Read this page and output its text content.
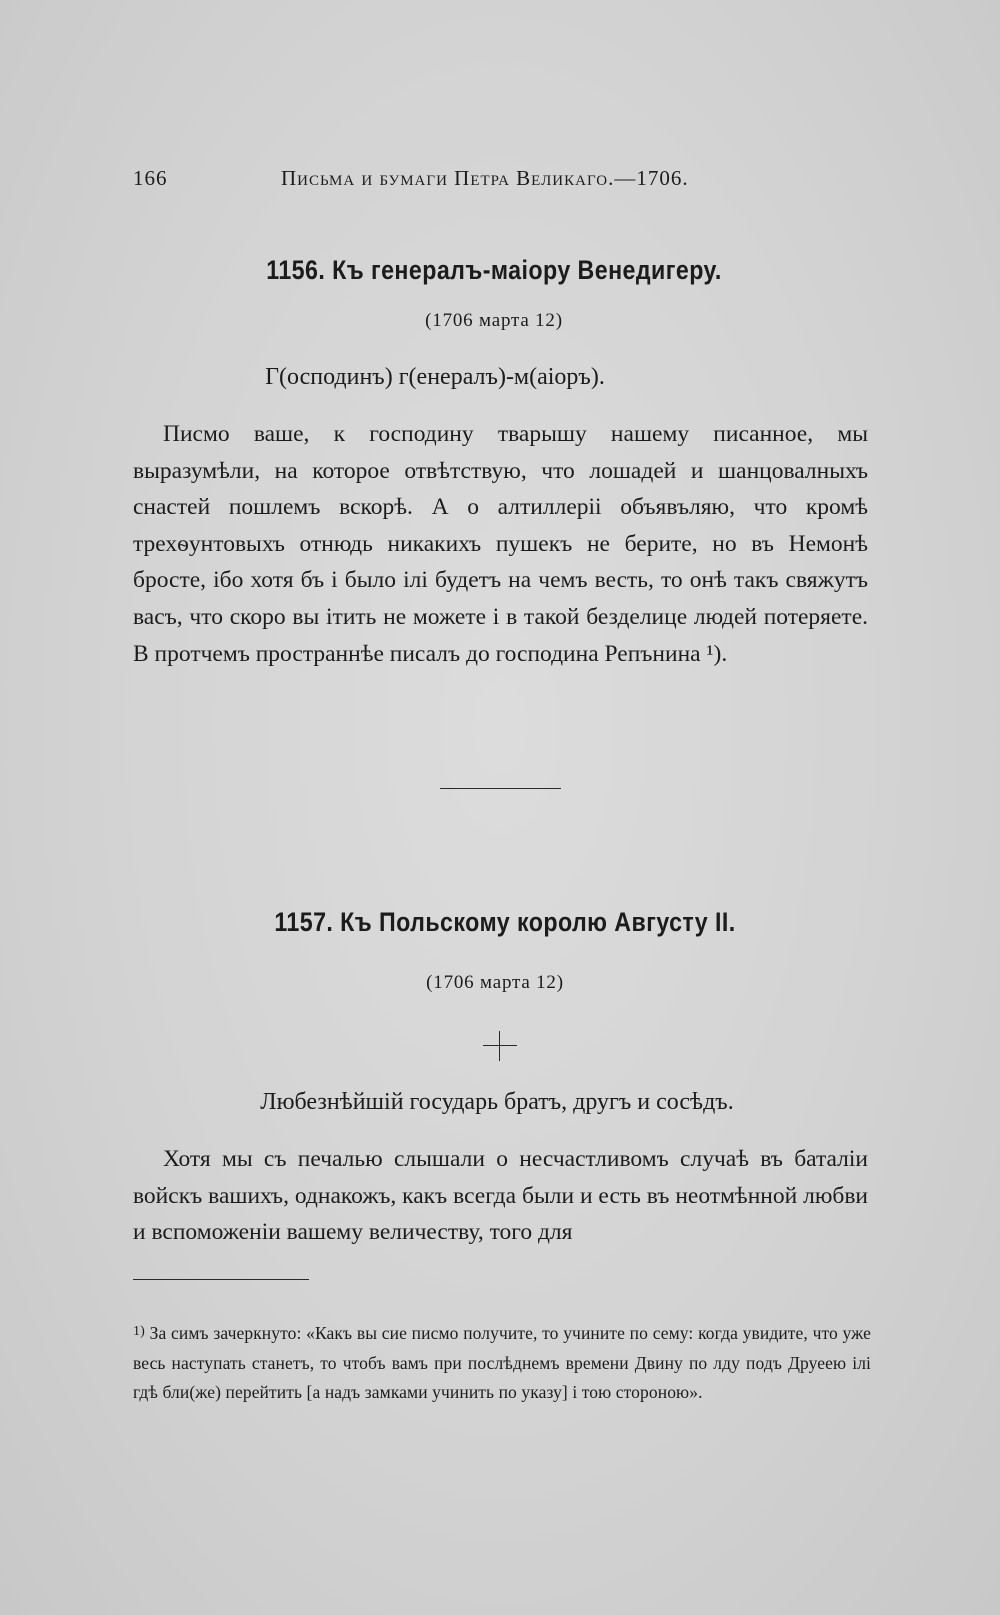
166	Письма и бумаги Петра Великаго.—1706.
1156. Къ генералъ-маіору Венедигеру.
(1706 марта 12)
Г(осподинъ) г(енералъ)-м(аіоръ).
Писмо ваше, к господину тварышу нашему писанное, мы выразумѣли, на которое отвѣтствую, что лошадей и шанцовалныхъ снастей пошлемъ вскорѣ. А о алтиллеріі объявъляю, что кромѣ трехѳунтовыхъ отнюдь никакихъ пушекъ не берите, но въ Немонѣ бросте, ібо хотя бъ і было ілі будетъ на чемъ весть, то онѣ такъ свяжутъ васъ, что скоро вы ітить не можете і в такой безделице людей потеряете. В протчемъ пространнѣе писалъ до господина Репънина ¹).
1157. Къ Польскому королю Августу II.
(1706 марта 12)
Любезнѣйшій государь братъ, другъ и сосѣдъ.
Хотя мы съ печалью слышали о несчастливомъ случаѣ въ баталіи войскъ вашихъ, однакожъ, какъ всегда были и есть въ неотмѣнной любви и вспоможеніи вашему величеству, того для
$^{1)}$ За симъ зачеркнуто: «Какъ вы сие писмо получите, то учините по сему: когда увидите, что уже весь наступать станетъ, то чтобъ вамъ при послѣднемъ времени Двину по лду подъ Друеею ілі гдѣ бли(же) перейтить [а надъ замками учинить по указу] і тою стороною».
